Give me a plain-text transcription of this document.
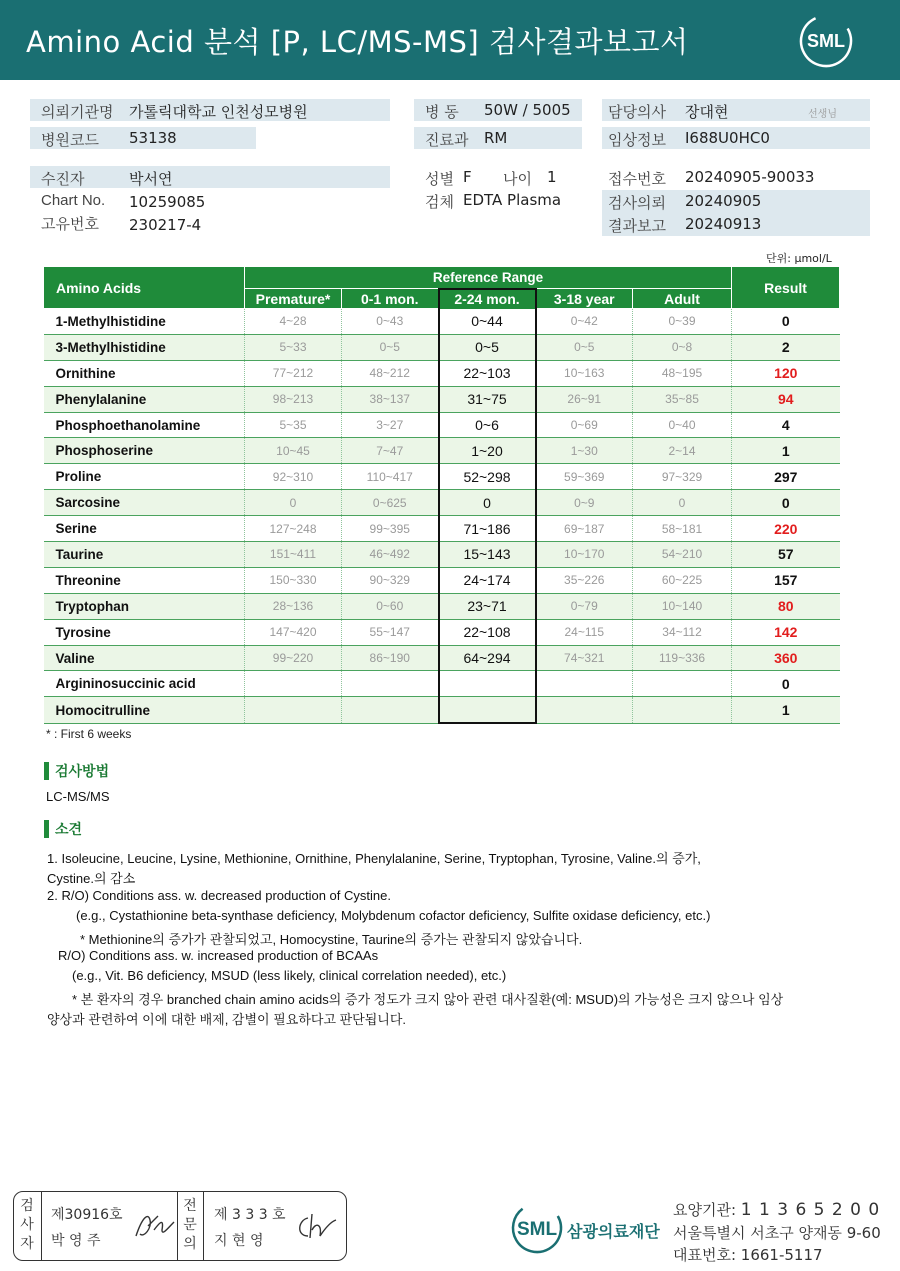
Amino Acid 분석 [P, LC/MS-MS] 검사결과보고서	SML
의뢰기관명 가톨릭대학교 인천성모병원
병원코드 53138
병 동 50W / 5005
진료과 RM
담당의사 장대현	선생님
임상정보 I688U0HC0
수진자	박서연
Chart No. 10259085
고유번호 230217-4
성별 F 나이 1
검체 EDTA Plasma
접수번호 20240905-90033
검사의뢰 20240905
결과보고 20240913
단위: μmol/L
Amino Acids	Reference Range					Result
	Premature*	0-1 mon.	2-24 mon.	3-18 year	Adult	
1-Methylhistidine	4~28	0~43	0~44	0~42	0~39	0
3-Methylhistidine	5~33	0~5	0~5	0~5	0~8	2
Ornithine	77~212	48~212	22~103	10~163	48~195	120
Phenylalanine	98~213	38~137	31~75	26~91	35~85	94
Phosphoethanolamine	5~35	3~27	0~6	0~69	0~40	4
Phosphoserine	10~45	7~47	1~20	1~30	2~14	1
Proline	92~310	110~417	52~298	59~369	97~329	297
Sarcosine	0	0~625	0	0~9	0	0
Serine	127~248	99~395	71~186	69~187	58~181	220
Taurine	151~411	46~492	15~143	10~170	54~210	57
Threonine	150~330	90~329	24~174	35~226	60~225	157
Tryptophan	28~136	0~60	23~71	0~79	10~140	80
Tyrosine	147~420	55~147	22~108	24~115	34~112	142
Valine	99~220	86~190	64~294	74~321	119~336	360
Argininosuccinic acid						0
Homocitrulline						1
* : First 6 weeks
검사방법
LC-MS/MS
소견
1. Isoleucine, Leucine, Lysine, Methionine, Ornithine, Phenylalanine, Serine, Tryptophan, Tyrosine, Valine.의 증가,
Cystine.의 감소
2. R/O) Conditions ass. w. decreased production of Cystine.
(e.g., Cystathionine beta-synthase deficiency, Molybdenum cofactor deficiency, Sulfite oxidase deficiency, etc.)
* Methionine의 증가가 관찰되었고, Homocystine, Taurine의 증가는 관찰되지 않았습니다.
R/O) Conditions ass. w. increased production of BCAAs
(e.g., Vit. B6 deficiency, MSUD (less likely, clinical correlation needed), etc.)
* 본 환자의 경우 branched chain amino acids의 증가 정도가 크지 않아 관련 대사질환(예: MSUD)의 가능성은 크지 않으나 임상
양상과 관련하여 이에 대한 배제, 감별이 필요하다고 판단됩니다.
검사자
제30916호
박 영 주
전문의
제 3 3 3 호
지 현 영
SML 삼광의료재단
요양기관: 1 1 3 6 5 2 0 0
서울특별시 서초구 양재동 9-60
대표번호: 1661-5117
